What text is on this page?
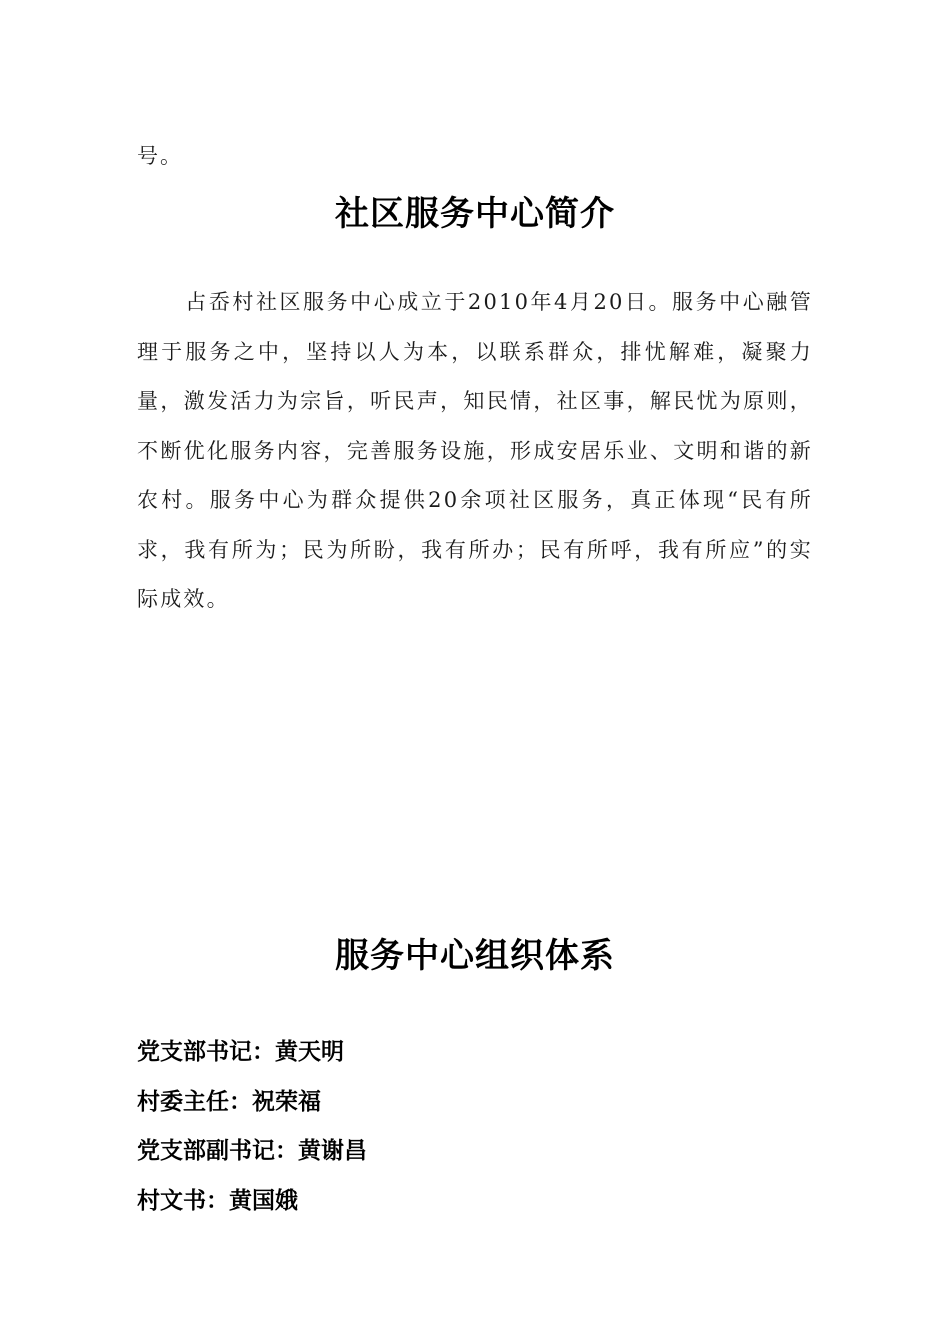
号。
社区服务中心简介

占岙村社区服务中心成立于2010年4月20日。服务中心融管理于服务之中，坚持以人为本，以联系群众，排忧解难，凝聚力量，激发活力为宗旨，听民声，知民情，社区事，解民忧为原则，不断优化服务内容，完善服务设施，形成安居乐业、文明和谐的新农村。服务中心为群众提供20余项社区服务，真正体现“民有所求，我有所为；民为所盼，我有所办；民有所呼，我有所应”的实际成效。

服务中心组织体系
党支部书记：黄天明
村委主任：祝荣福
党支部副书记：黄谢昌
村文书：黄国娥
